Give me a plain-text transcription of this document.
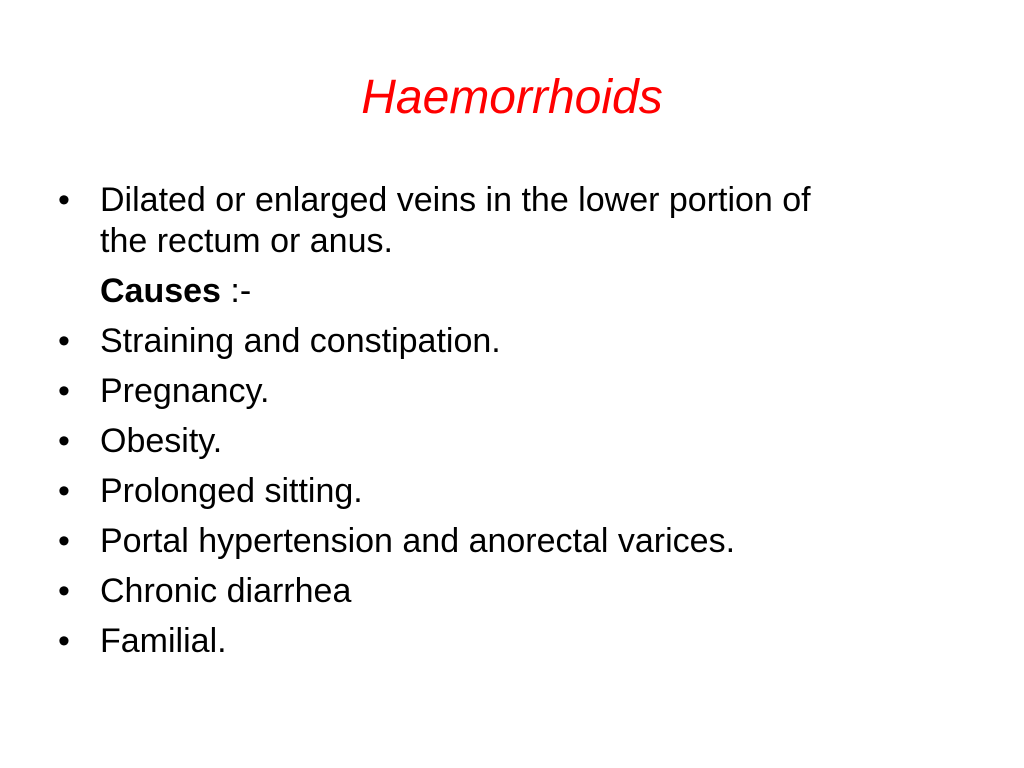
Haemorrhoids
• Dilated or enlarged veins in the lower portion of
the rectum or anus.
Causes :-
• Straining and constipation.
• Pregnancy.
• Obesity.
• Prolonged sitting.
• Portal hypertension and anorectal varices.
• Chronic diarrhea
• Familial.
